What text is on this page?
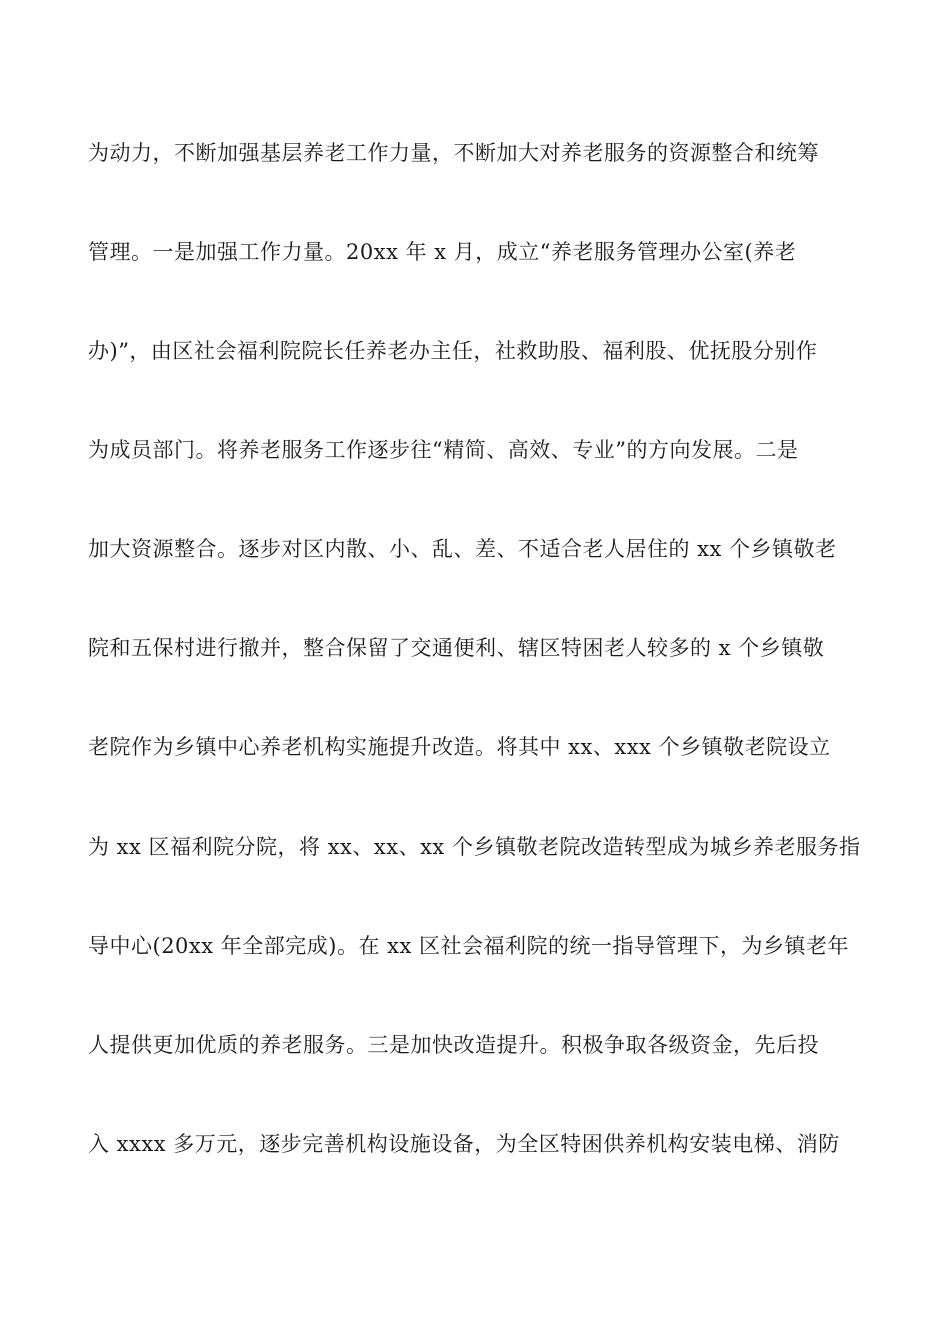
为动力，不断加强基层养老工作力量，不断加大对养老服务的资源整合和统筹
管理。一是加强工作力量。20xx 年 x 月，成立“养老服务管理办公室(养老
办)”，由区社会福利院院长任养老办主任，社救助股、福利股、优抚股分别作
为成员部门。将养老服务工作逐步往“精简、高效、专业”的方向发展。二是
加大资源整合。逐步对区内散、小、乱、差、不适合老人居住的 xx 个乡镇敬老
院和五保村进行撤并，整合保留了交通便利、辖区特困老人较多的 x 个乡镇敬
老院作为乡镇中心养老机构实施提升改造。将其中 xx、xxx 个乡镇敬老院设立
为 xx 区福利院分院，将 xx、xx、xx 个乡镇敬老院改造转型成为城乡养老服务指
导中心(20xx 年全部完成)。在 xx 区社会福利院的统一指导管理下，为乡镇老年
人提供更加优质的养老服务。三是加快改造提升。积极争取各级资金，先后投
入 xxxx 多万元，逐步完善机构设施设备，为全区特困供养机构安装电梯、消防
